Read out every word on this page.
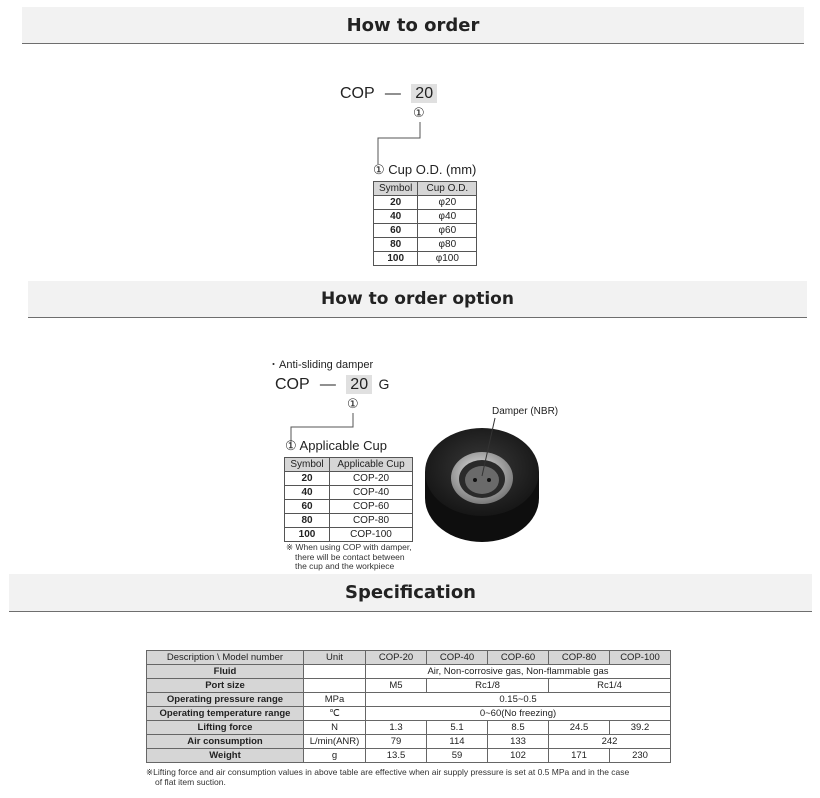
How to order
COP — 20
①
① Cup O.D. (mm)
Symbol	Cup O.D.
20	φ20
40	φ40
60	φ60
80	φ80
100	φ100
How to order option
・Anti-sliding damper
COP — 20 G
①
① Applicable Cup
Symbol	Applicable Cup
20	COP-20
40	COP-40
60	COP-60
80	COP-80
100	COP-100
※ When using COP with damper,
there will be contact between
the cup and the workpiece
Damper (NBR)
Specification
Description \ Model number	Unit	COP-20	COP-40	COP-60	COP-80	COP-100
Fluid		Air, Non-corrosive gas, Non-flammable gas				
Port size		M5	Rc1/8		Rc1/4	
Operating pressure range	MPa	0.15~0.5				
Operating temperature range	℃	0~60(No freezing)				
Lifting force	N	1.3	5.1	8.5	24.5	39.2
Air consumption	L/min(ANR)	79	114	133	242	
Weight	g	13.5	59	102	171	230
※Lifting force and air consumption values in above table are effective when air supply pressure is set at 0.5 MPa and in the case
of flat item suction.
